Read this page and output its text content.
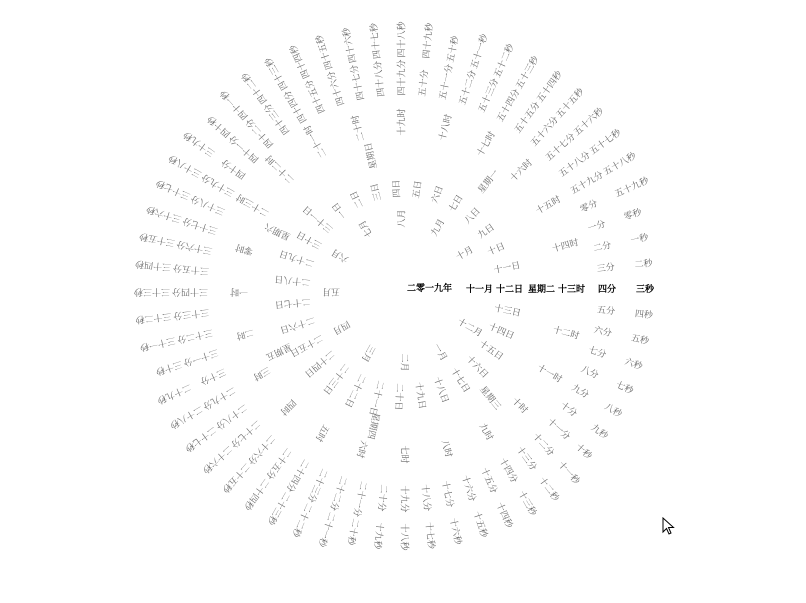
二零一九年
一月
二月
三月
四月
五月
六月
七月 八月 九月
十月
十一月
十二月
一日
二日 三日 四日 五日 六日 七日
八日
九日
十日
十一日
十二日
十三日
十四日
十五日
十六日
十七日
十八日
十九日
二十日
二十一日
二十二日
二十三日
二十四日
二十五日
二十六日
二十七日
二十八日
二十九日
三十日
三十一日
星期一
星期二
星期三
星期四
星期五
星期六
星期日
一时
二时
三时
四时
五时
六时	七时	八时
九时
十时
十一时
十二时
十三时
十四时
十五时
十六时
十七时
十八时
十九时
二十时
二十一时
二十二时
二十三时
零时
零分
一分
二分
三分
四分
五分
六分
七分
八分
九分
十分
十一分
十二分
十三分
十四分
十五分
十六分
十七分
十八分
十九分
二十分
二十一分
二十二分
二十三分
二十四分
二十五分
二十六分
二十七分
二十八分
二十九分
三十分
三十一分
三十二分
三十三分
三十四分
三十五分
三十六分
三十七分
三十八分
三十九分
四十分
四十一分
四十二分
四十三分
四十四分
四十五分
四十六分 四十七分 四十八分 四十九分 五十分 五十一分 五十二分
五十三分
五十四分
五十五分
五十六分
五十七分
五十八分
五十九分
零秒
一秒
二秒
三秒
四秒
五秒
六秒
七秒
八秒
九秒
十秒
十一秒
十二秒
十三秒
十四秒
十五秒
十六秒
十七秒
十八秒
十九秒
二十秒
二十一秒
二十二秒
二十三秒
二十四秒
二十五秒
二十六秒
二十七秒
二十八秒
二十九秒
三十秒
三十一秒
三十二秒
三十三秒
三十四秒
三十五秒
三十六秒
三十七秒
三十八秒
三十九秒
四十秒
四十一秒
四十二秒
四十三秒
四十四秒 四十五秒 四十六秒 四十七秒 四十八秒 四十九秒 五十秒 五十一秒 五十二秒
五十三秒
五十四秒
五十五秒
五十六秒
五十七秒
五十八秒
五十九秒
